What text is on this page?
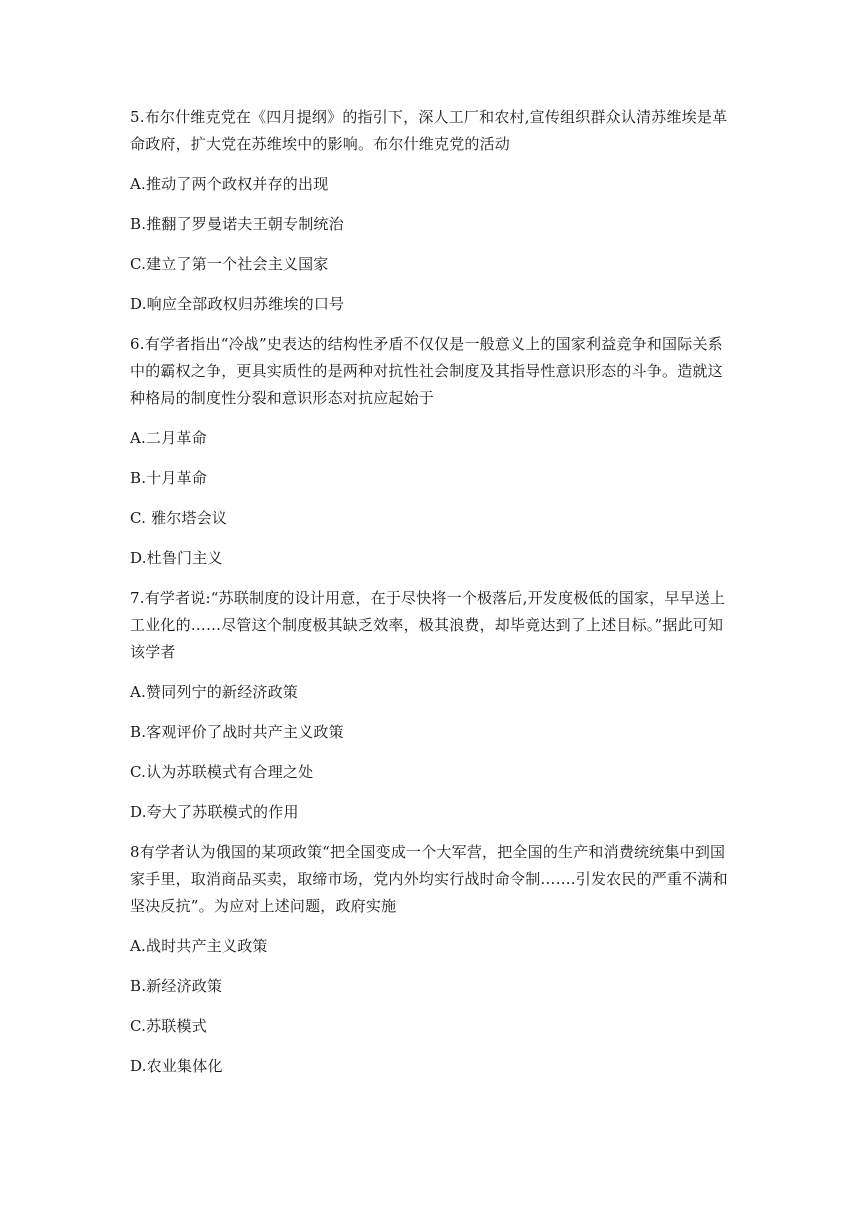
5.布尔什维克党在《四月提纲》的指引下，深人工厂和农村,宣传组织群众认清苏维埃是革命政府，扩大党在苏维埃中的影响。布尔什维克党的活动

A.推动了两个政权并存的出现

B.推翻了罗曼诺夫王朝专制统治

C.建立了第一个社会主义国家

D.响应全部政权归苏维埃的口号

6.有学者指出“冷战”史表达的结构性矛盾不仅仅是一般意义上的国家利益竞争和国际关系中的霸权之争，更具实质性的是两种对抗性社会制度及其指导性意识形态的斗争。造就这种格局的制度性分裂和意识形态对抗应起始于

A.二月革命

B.十月革命

C. 雅尔塔会议

D.杜鲁门主义

7.有学者说:“苏联制度的设计用意，在于尽快将一个极落后,开发度极低的国家，早早送上工业化的……尽管这个制度极其缺乏效率，极其浪费，却毕竟达到了上述目标。”据此可知该学者

A.赞同列宁的新经济政策

B.客观评价了战时共产主义政策

C.认为苏联模式有合理之处

D.夸大了苏联模式的作用

8有学者认为俄国的某项政策“把全国变成一个大军营，把全国的生产和消费统统集中到国家手里，取消商品买卖，取缔市场，党内外均实行战时命令制…….引发农民的严重不满和坚决反抗”。为应对上述问题，政府实施

A.战时共产主义政策

B.新经济政策

C.苏联模式

D.农业集体化
